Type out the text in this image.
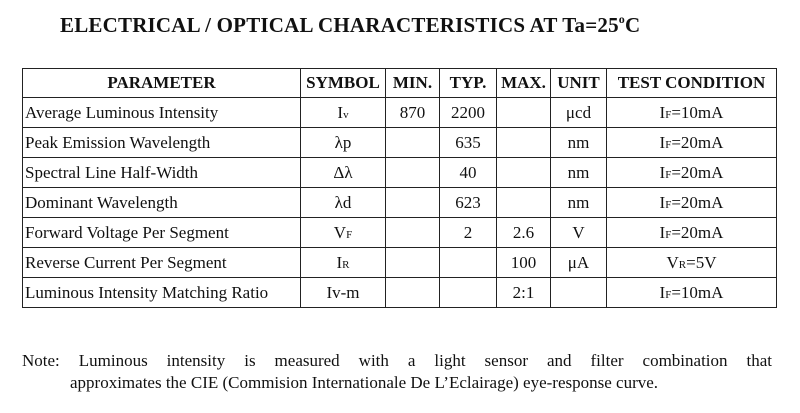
ELECTRICAL / OPTICAL CHARACTERISTICS AT $Ta=25^oC$
PARAMETER	SYMBOL	MIN.	TYP.	MAX.	UNIT	TEST CONDITION
Average Luminous Intensity	Iv	870	2200		μcd	IF=10mA
Peak Emission Wavelength	λp		635		nm	IF=20mA
Spectral Line Half-Width	Δλ		40		nm	IF=20mA
Dominant Wavelength	λd		623		nm	IF=20mA
Forward Voltage Per Segment	VF		2	2.6	V	IF=20mA
Reverse Current Per Segment	IR			100	μA	VR=5V
Luminous Intensity Matching Ratio	Iv-m			2:1		IF=10mA
Note: Luminous intensity is measured with a light sensor and filter combination that
approximates the CIE (Commision Internationale De L’Eclairage) eye-response curve.
